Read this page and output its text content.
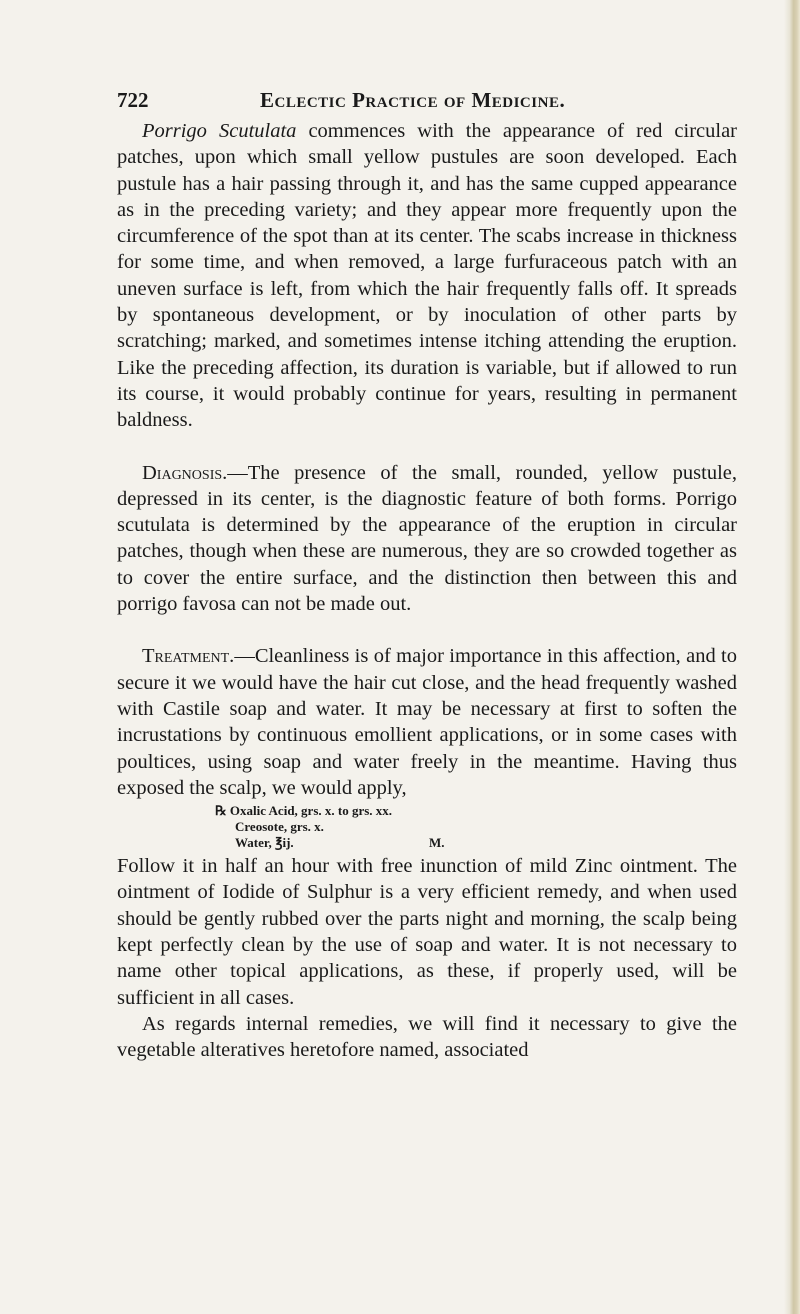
722	Eclectic Practice of Medicine.

Porrigo Scutulata commences with the appearance of red circular patches, upon which small yellow pustules are soon developed. Each pustule has a hair passing through it, and has the same cupped appearance as in the preceding variety; and they appear more frequently upon the circumference of the spot than at its center. The scabs increase in thickness for some time, and when removed, a large furfuraceous patch with an uneven surface is left, from which the hair frequently falls off. It spreads by spontaneous development, or by inoculation of other parts by scratching; marked, and sometimes intense itching attending the eruption. Like the preceding affection, its duration is variable, but if allowed to run its course, it would probably continue for years, resulting in permanent baldness.

Diagnosis.—The presence of the small, rounded, yellow pustule, depressed in its center, is the diagnostic feature of both forms. Porrigo scutulata is determined by the appearance of the eruption in circular patches, though when these are numerous, they are so crowded together as to cover the entire surface, and the distinction then between this and porrigo favosa can not be made out.

Treatment.—Cleanliness is of major importance in this affection, and to secure it we would have the hair cut close, and the head frequently washed with Castile soap and water. It may be necessary at first to soften the incrustations by continuous emollient applications, or in some cases with poultices, using soap and water freely in the meantime. Having thus exposed the scalp, we would apply,

℞ Oxalic Acid, grs. x. to grs. xx.
Creosote, grs. x.
Water, ℥ij.	M.

Follow it in half an hour with free inunction of mild Zinc ointment. The ointment of Iodide of Sulphur is a very efficient remedy, and when used should be gently rubbed over the parts night and morning, the scalp being kept perfectly clean by the use of soap and water. It is not necessary to name other topical applications, as these, if properly used, will be sufficient in all cases.

As regards internal remedies, we will find it necessary to give the vegetable alteratives heretofore named, associated
